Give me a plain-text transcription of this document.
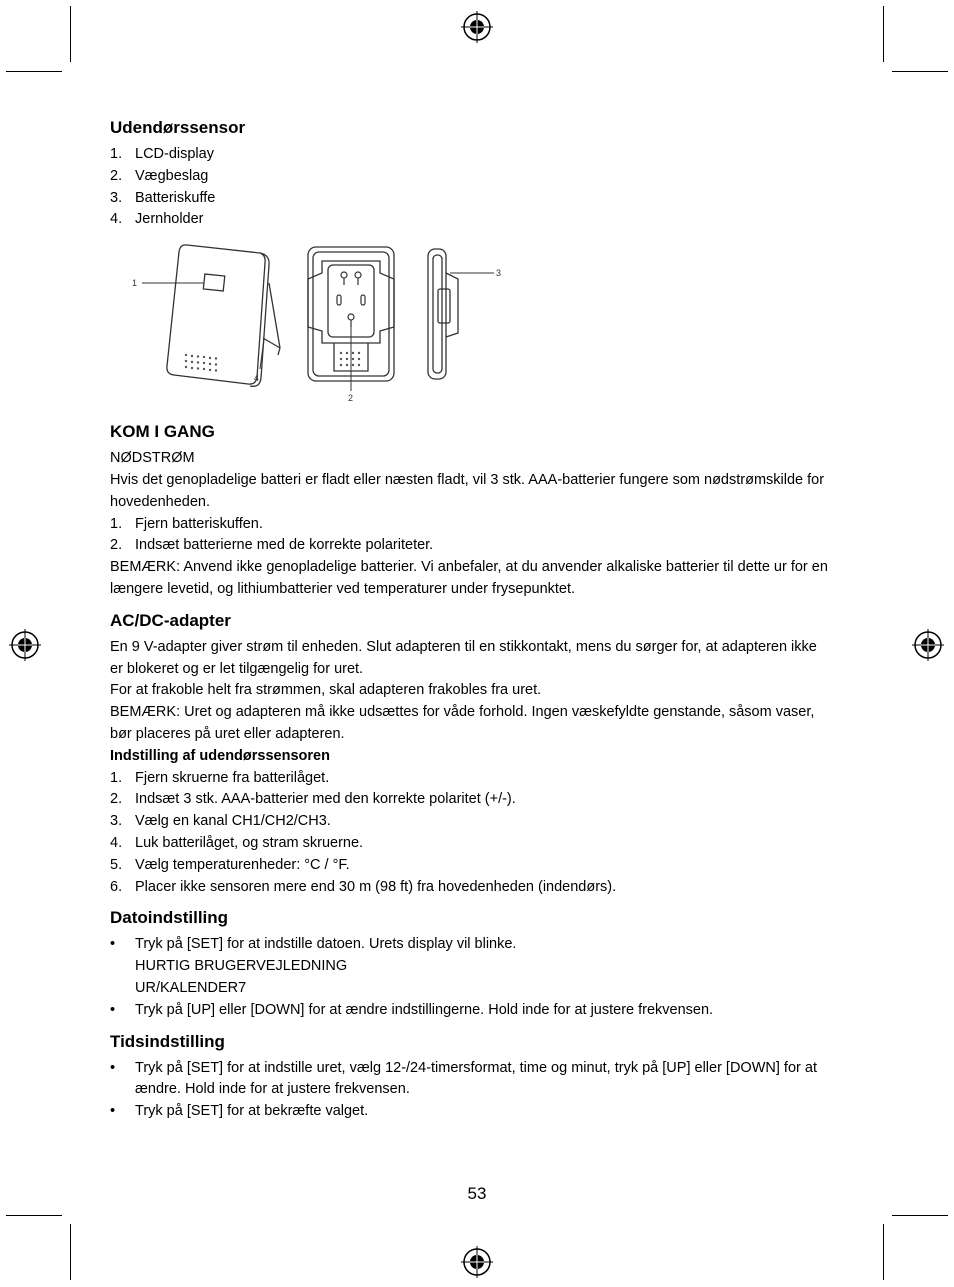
Udendørssensor
1. LCD-display
2. Vægbeslag
3. Batteriskuffe
4. Jernholder
1
4
2
3
KOM I GANG

NØDSTRØM

Hvis det genopladelige batteri er fladt eller næsten fladt, vil 3 stk. AAA-batterier fungere som nødstrømskilde for hovedenheden.

1. Fjern batteriskuffen.
2. Indsæt batterierne med de korrekte polariteter.

BEMÆRK: Anvend ikke genopladelige batterier. Vi anbefaler, at du anvender alkaliske batterier til dette ur for en længere levetid, og lithiumbatterier ved temperaturer under frysepunktet.

AC/DC-adapter

En 9 V-adapter giver strøm til enheden. Slut adapteren til en stikkontakt, mens du sørger for, at adapteren ikke er blokeret og er let tilgængelig for uret.

For at frakoble helt fra strømmen, skal adapteren frakobles fra uret.

BEMÆRK: Uret og adapteren må ikke udsættes for våde forhold. Ingen væskefyldte genstande, såsom vaser, bør placeres på uret eller adapteren.

Indstilling af udendørssensoren

1. Fjern skruerne fra batterilåget.
2. Indsæt 3 stk. AAA-batterier med den korrekte polaritet (+/-).
3. Vælg en kanal CH1/CH2/CH3.
4. Luk batterilåget, og stram skruerne.
5. Vælg temperaturenheder: °C / °F.
6. Placer ikke sensoren mere end 30 m (98 ft) fra hovedenheden (indendørs).
Datoindstilling
• Tryk på [SET] for at indstille datoen. Urets display vil blinke.
HURTIG BRUGERVEJLEDNING
UR/KALENDER7
• Tryk på [UP] eller [DOWN] for at ændre indstillingerne. Hold inde for at justere frekvensen.
Tidsindstilling
• Tryk på [SET] for at indstille uret, vælg 12-/24-timersformat, time og minut, tryk på [UP] eller [DOWN] for at ændre. Hold inde for at justere frekvensen.
• Tryk på [SET] for at bekræfte valget.
53
